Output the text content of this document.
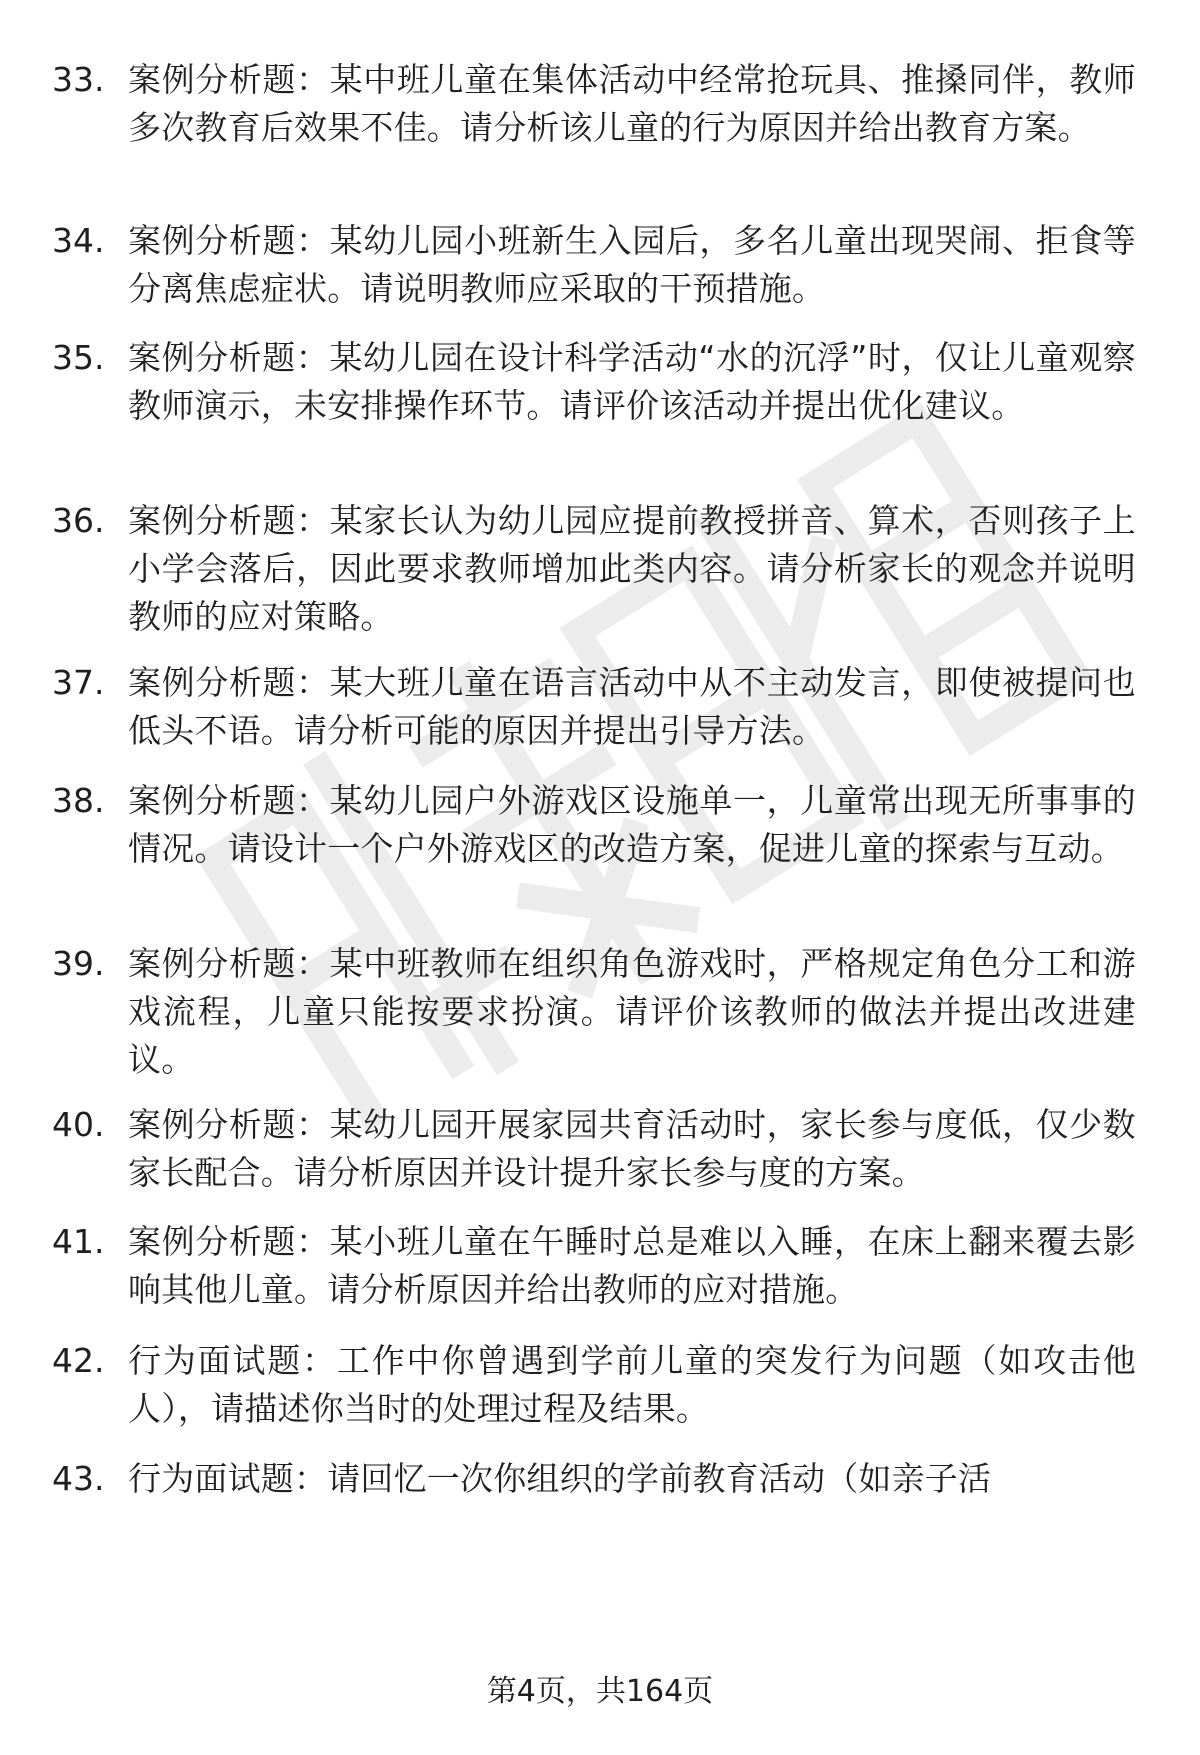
33. 案例分析题：某中班儿童在集体活动中经常抢玩具、推搡同伴，教师多次教育后效果不佳。请分析该儿童的行为原因并给出教育方案。
34. 案例分析题：某幼儿园小班新生入园后，多名儿童出现哭闹、拒食等分离焦虑症状。请说明教师应采取的干预措施。
35. 案例分析题：某幼儿园在设计科学活动“水的沉浮”时，仅让儿童观察教师演示，未安排操作环节。请评价该活动并提出优化建议。
36. 案例分析题：某家长认为幼儿园应提前教授拼音、算术，否则孩子上小学会落后，因此要求教师增加此类内容。请分析家长的观念并说明教师的应对策略。
37. 案例分析题：某大班儿童在语言活动中从不主动发言，即使被提问也低头不语。请分析可能的原因并提出引导方法。
38. 案例分析题：某幼儿园户外游戏区设施单一，儿童常出现无所事事的情况。请设计一个户外游戏区的改造方案，促进儿童的探索与互动。
39. 案例分析题：某中班教师在组织角色游戏时，严格规定角色分工和游戏流程，儿童只能按要求扮演。请评价该教师的做法并提出改进建议。
40. 案例分析题：某幼儿园开展家园共育活动时，家长参与度低，仅少数家长配合。请分析原因并设计提升家长参与度的方案。
41. 案例分析题：某小班儿童在午睡时总是难以入睡，在床上翻来覆去影响其他儿童。请分析原因并给出教师的应对措施。
42. 行为面试题：工作中你曾遇到学前儿童的突发行为问题（如攻击他人），请描述你当时的处理过程及结果。
43. 行为面试题：请回忆一次你组织的学前教育活动（如亲子活
第4页，共164页
